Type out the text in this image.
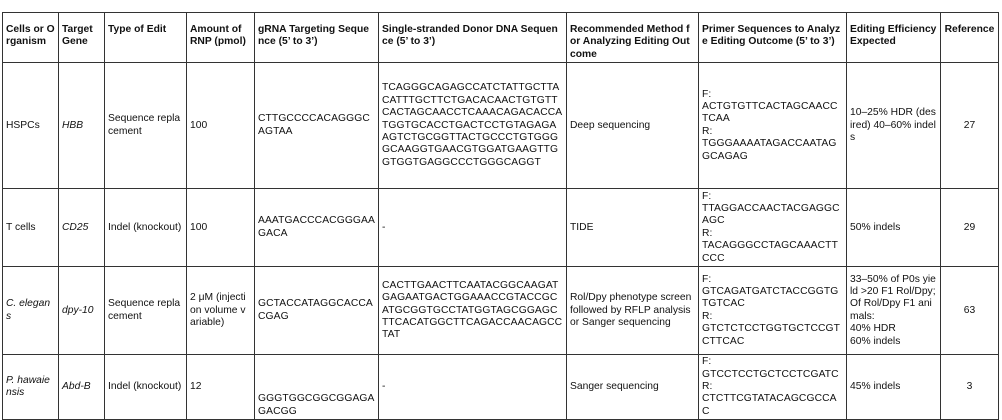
Cells or Organism	Target Gene	Type of Edit	Amount of RNP (pmol)	gRNA Targeting Sequence (5’ to 3’)	Single-stranded Donor DNA Sequence (5’ to 3’)	Recommended Method for Analyzing Editing Outcome	Primer Sequences to Analyze Editing Outcome (5’ to 3’)	Editing Efficiency Expected	Reference
HSPCs	HBB	Sequence replacement	100	CTTGCCCCACAGGGCAGTAA	TCAGGGCAGAGCCATCTATTGCTTACATTTGCTTCTGACACAACTGTGTTCACTAGCAACCTCAAACAGACACCATGGTGCACCTGACTCCTGTAGAGAAGTCTGCGGTTACTGCCCTGTGGGGCAAGGTGAACGTGGATGAAGTTGGTGGTGAGGCCCTGGGCAGGT	Deep sequencing	F:
ACTGTGTTCACTAGCAACCTCAA
R:
TGGGAAAATAGACCAATAGGCAGAG	10–25% HDR (desired) 40–60% indels	27
T cells	CD25	Indel (knockout)	100	AAATGACCCACGGGAAGACA	-	TIDE	F:
TTAGGACCAACTACGAGGCAGC
R:
TACAGGGCCTAGCAAACTTCCC	50% indels	29
C. elegans	dpy-10	Sequence replacement	2 μM (injection volume variable)	GCTACCATAGGCACCACGAG	CACTTGAACTTCAATACGGCAAGATGAGAATGACTGGAAACCGTACCGCATGCGGTGCCTATGGTAGCGGAGCTTCACATGGCTTCAGACCAACAGCCTAT	Rol/Dpy phenotype screen followed by RFLP analysis or Sanger sequencing	F:
GTCAGATGATCTACCGGTGTGTCAC
R:
GTCTCTCCTGGTGCTCCGTCTTCAC	33–50% of P0s yield >20 F1 Rol/Dpy;
Of Rol/Dpy F1 animals:
40% HDR
60% indels	63
P. hawaiensis	Abd-B	Indel (knockout)	12	GGGTGGCGGCGGAGAGACGG	-	Sanger sequencing	F:
GTCCTCCTGCTCCTCGATC
R:
CTCTTCGTATACAGCGCCAC	45% indels	3
